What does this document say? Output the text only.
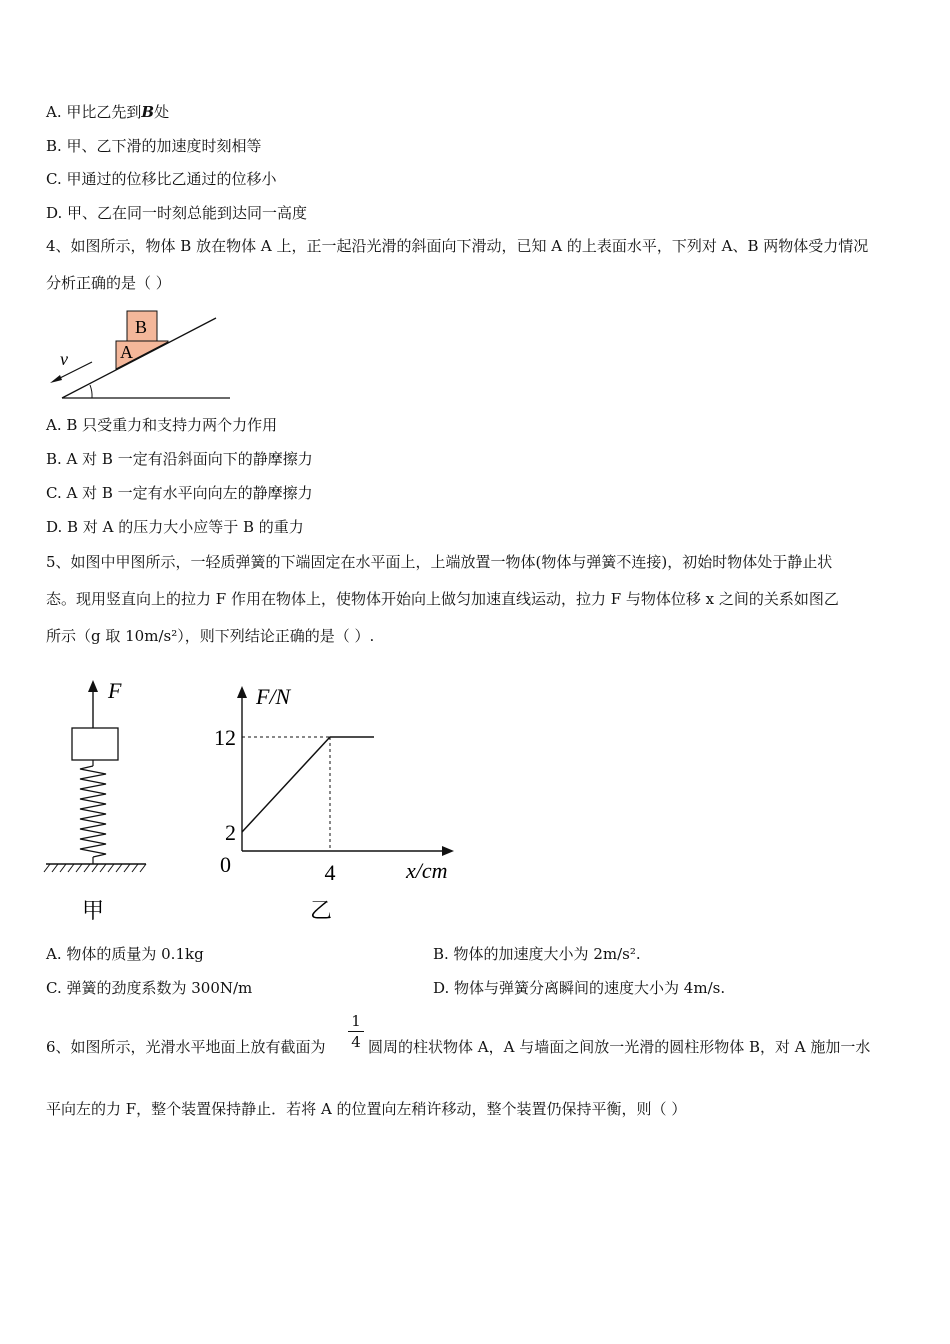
A. 甲比乙先到B处
B. 甲、乙下滑的加速度时刻相等
C. 甲通过的位移比乙通过的位移小
D. 甲、乙在同一时刻总能到达同一高度
4、如图所示，物体 B 放在物体 A 上，正一起沿光滑的斜面向下滑动，已知 A 的上表面水平，下列对 A、B 两物体受力情况
分析正确的是（ ）
B
A
v
A. B 只受重力和支持力两个力作用
B. A 对 B 一定有沿斜面向下的静摩擦力
C. A 对 B 一定有水平向向左的静摩擦力
D. B 对 A 的压力大小应等于 B 的重力
5、如图中甲图所示，一轻质弹簧的下端固定在水平面上，上端放置一物体(物体与弹簧不连接)，初始时物体处于静止状
态。现用竖直向上的拉力 F 作用在物体上，使物体开始向上做匀加速直线运动，拉力 F 与物体位移 x 之间的关系如图乙
所示（g 取 10m/s²），则下列结论正确的是（ ）.
F
甲
F/N
x/cm
0
2
12
4
乙
A. 物体的质量为 0.1kg	B. 物体的加速度大小为 2m/s².
C. 弹簧的劲度系数为 300N/m	D. 物体与弹簧分离瞬间的速度大小为 4m/s.
6、如图所示，光滑水平地面上放有截面为
1
4 圆周的柱状物体 A，A 与墙面之间放一光滑的圆柱形物体 B，对 A 施加一水
平向左的力 F，整个装置保持静止．若将 A 的位置向左稍许移动，整个装置仍保持平衡，则（ ）
